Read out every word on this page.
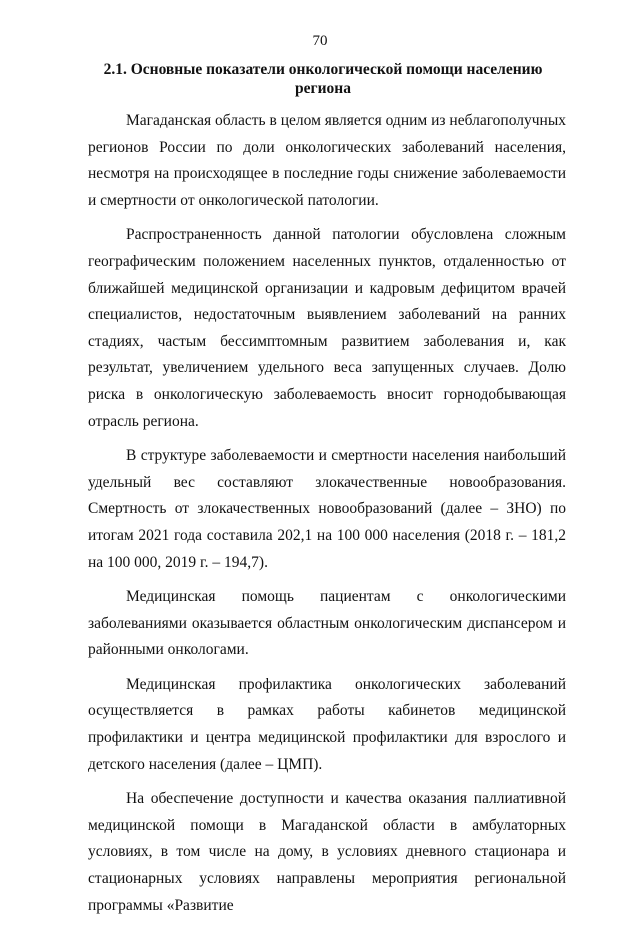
70
2.1. Основные показатели онкологической помощи населению
региона

Магаданская область в целом является одним из неблагополучных регионов России по доли онкологических заболеваний населения, несмотря на происходящее в последние годы снижение заболеваемости и смертности от онкологической патологии.

Распространенность данной патологии обусловлена сложным географическим положением населенных пунктов, отдаленностью от ближайшей медицинской организации и кадровым дефицитом врачей специалистов, недостаточным выявлением заболеваний на ранних стадиях, частым бессимптомным развитием заболевания и, как результат, увеличением удельного веса запущенных случаев. Долю риска в онкологическую заболеваемость вносит горнодобывающая отрасль региона.

В структуре заболеваемости и смертности населения наибольший удельный вес составляют злокачественные новообразования. Смертность от злокачественных новообразований (далее – ЗНО) по итогам 2021 года составила 202,1 на 100 000 населения (2018 г. – 181,2 на 100 000, 2019 г. – 194,7).

Медицинская помощь пациентам с онкологическими заболеваниями оказывается областным онкологическим диспансером и районными онкологами.

Медицинская профилактика онкологических заболеваний осуществляется в рамках работы кабинетов медицинской профилактики и центра медицинской профилактики для взрослого и детского населения (далее – ЦМП).

На обеспечение доступности и качества оказания паллиативной медицинской помощи в Магаданской области в амбулаторных условиях, в том числе на дому, в условиях дневного стационара и стационарных условиях направлены мероприятия региональной программы «Развитие
